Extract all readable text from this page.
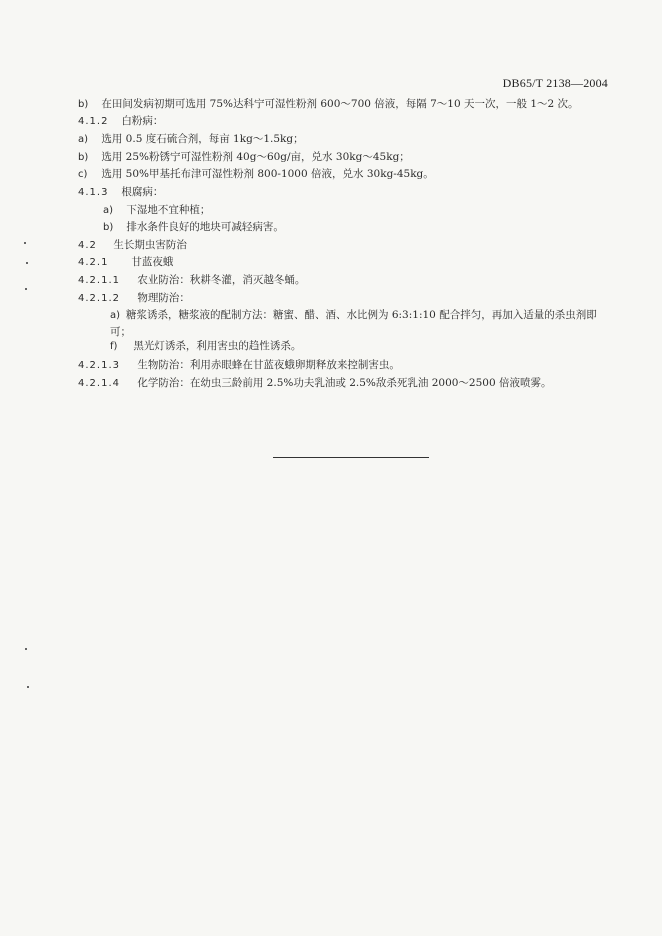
DB65/T 2138—2004
b) 在田间发病初期可选用 75%达科宁可湿性粉剂 600～700 倍液，每隔 7～10 天一次，一般 1～2 次。
4.1.2 白粉病：
a) 选用 0.5 度石硫合剂，每亩 1kg～1.5kg；
b) 选用 25%粉锈宁可湿性粉剂 40g～60g/亩，兑水 30kg～45kg；
c) 选用 50%甲基托布津可湿性粉剂 800-1000 倍液，兑水 30kg-45kg。
4.1.3 根腐病：
a) 下湿地不宜种植；
b) 排水条件良好的地块可减轻病害。
4.2 生长期虫害防治
4.2.1 甘蓝夜蛾
4.2.1.1 农业防治：秋耕冬灌，消灭越冬蛹。
4.2.1.2 物理防治：
a) 糖浆诱杀，糖浆液的配制方法：糖蜜、醋、酒、水比例为 6:3:1:10 配合拌匀，再加入适量的杀虫剂即可；
f) 黑光灯诱杀，利用害虫的趋性诱杀。
4.2.1.3 生物防治：利用赤眼蜂在甘蓝夜蛾卵期释放来控制害虫。
4.2.1.4 化学防治：在幼虫三龄前用 2.5%功夫乳油或 2.5%敌杀死乳油 2000～2500 倍液喷雾。
